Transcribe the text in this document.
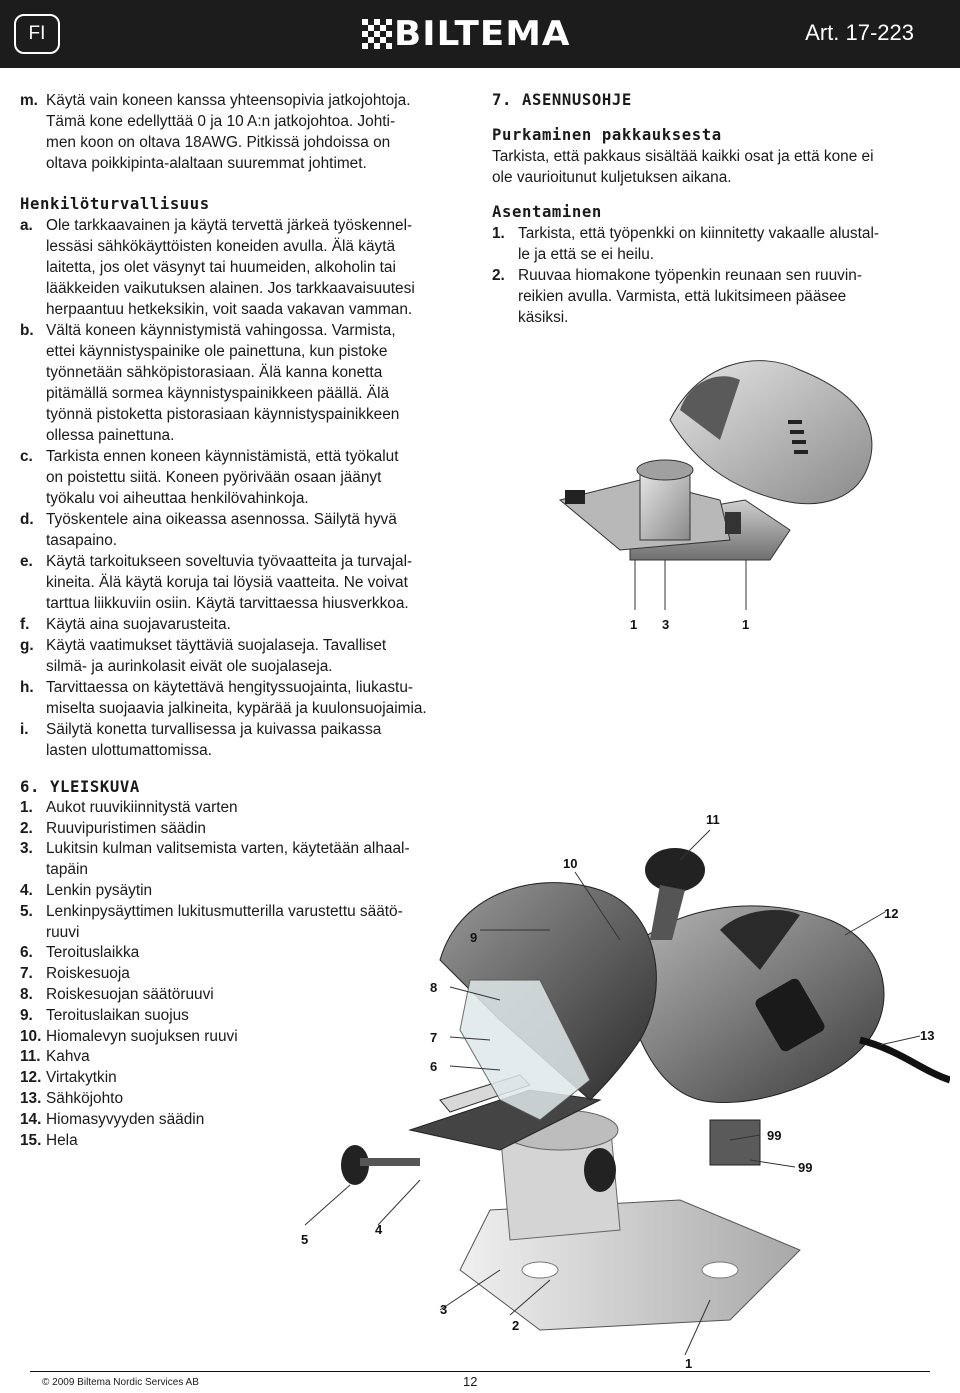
FI	BILTEMA	Art. 17-223
m. Käytä vain koneen kanssa yhteensopivia jatkojohtoja.
Tämä kone edellyttää 0 ja 10 A:n jatkojohtoa. Johti-
men koon on oltava 18AWG. Pitkissä johdoissa on
oltava poikkipinta-alaltaan suuremmat johtimet.
Henkilöturvallisuus
a. Ole tarkkaavainen ja käytä tervettä järkeä työskennel-
lessäsi sähkökäyttöisten koneiden avulla. Älä käytä
laitetta, jos olet väsynyt tai huumeiden, alkoholin tai
lääkkeiden vaikutuksen alainen. Jos tarkkaavaisuutesi
herpaantuu hetkeksikin, voit saada vakavan vamman.
b. Vältä koneen käynnistymistä vahingossa. Varmista,
ettei käynnistyspainike ole painettuna, kun pistoke
työnnetään sähköpistorasiaan. Älä kanna konetta
pitämällä sormea käynnistyspainikkeen päällä. Älä
työnnä pistoketta pistorasiaan käynnistyspainikkeen
ollessa painettuna.
c. Tarkista ennen koneen käynnistämistä, että työkalut
on poistettu siitä. Koneen pyörivään osaan jäänyt
työkalu voi aiheuttaa henkilövahinkoja.
d. Työskentele aina oikeassa asennossa. Säilytä hyvä
tasapaino.
e. Käytä tarkoitukseen soveltuvia työvaatteita ja turvajal-
kineita. Älä käytä koruja tai löysiä vaatteita. Ne voivat
tarttua liikkuviin osiin. Käytä tarvittaessa hiusverkkoa.
f.	Käytä aina suojavarusteita.
g. Käytä vaatimukset täyttäviä suojalaseja. Tavalliset
silmä- ja aurinkolasit eivät ole suojalaseja.
h. Tarvittaessa on käytettävä hengityssuojainta, liukastu-
miselta suojaavia jalkineita, kypärää ja kuulonsuojaimia.
i.	Säilytä konetta turvallisessa ja kuivassa paikassa
lasten ulottumattomissa.
7. ASENNUSOHJE
Purkaminen pakkauksesta
Tarkista, että pakkaus sisältää kaikki osat ja että kone ei
ole vaurioitunut kuljetuksen aikana.
Asentaminen
1. Tarkista, että työpenkki on kiinnitetty vakaalle alustal-
le ja että se ei heilu.
2. Ruuvaa hiomakone työpenkin reunaan sen ruuvin-
reikien avulla. Varmista, että lukitsimeen pääsee
käsiksi.
1 3	1
6. YLEISKUVA
1. Aukot ruuvikiinnitystä varten
2. Ruuvipuristimen säädin
3. Lukitsin kulman valitsemista varten, käytetään alhaal-
tapäin
4. Lenkin pysäytin
5. Lenkinpysäyttimen lukitusmutterilla varustettu säätö-
ruuvi
6. Teroituslaikka
7. Roiskesuoja
8. Roiskesuojan säätöruuvi
9. Teroituslaikan suojus
10. Hiomalevyn suojuksen ruuvi
11. Kahva
12. Virtakytkin
13. Sähköjohto
14. Hiomasyvyyden säädin
15. Hela
11
10
12
9
8
7	13
6
99
99
5
4
3
2
1
© 2009 Biltema Nordic Services AB	12
